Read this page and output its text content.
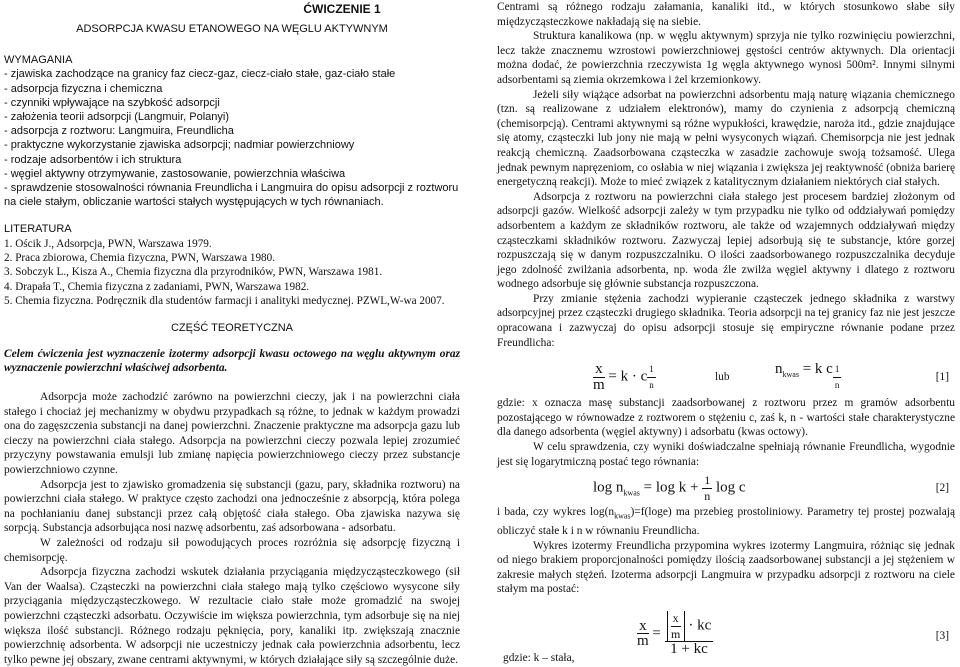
ĆWICZENIE 1
ADSORPCJA KWASU ETANOWEGO NA WĘGLU AKTYWNYM
WYMAGANIA
- zjawiska zachodzące na granicy faz ciecz-gaz, ciecz-ciało stałe, gaz-ciało stałe
- adsorpcja fizyczna i chemiczna
- czynniki wpływające na szybkość adsorpcji
- założenia teorii adsorpcji (Langmuir, Polanyi)
- adsorpcja z roztworu: Langmuira, Freundlicha
- praktyczne wykorzystanie zjawiska adsorpcji; nadmiar powierzchniowy
- rodzaje adsorbentów i ich struktura
- węgiel aktywny otrzymywanie, zastosowanie, powierzchnia właściwa
- sprawdzenie stosowalności równania Freundlicha i Langmuira do opisu adsorpcji z roztworu na ciele stałym, obliczanie wartości stałych występujących w tych równaniach.
LITERATURA
1. Ościk J., Adsorpcja, PWN, Warszawa 1979.
2. Praca zbiorowa, Chemia fizyczna, PWN, Warszawa 1980.
3. Sobczyk L., Kisza A., Chemia fizyczna dla przyrodników, PWN, Warszawa 1981.
4. Drapała T., Chemia fizyczna z zadaniami, PWN, Warszawa 1982.
5. Chemia fizyczna. Podręcznik dla studentów farmacji i analityki medycznej. PZWL,W-wa 2007.
CZĘŚĆ TEORETYCZNA

Celem ćwiczenia jest wyznaczenie izotermy adsorpcji kwasu octowego na węglu aktywnym oraz wyznaczenie powierzchni właściwej adsorbenta.

Adsorpcja może zachodzić zarówno na powierzchni cieczy, jak i na powierzchni ciała stałego i chociaż jej mechanizmy w obydwu przypadkach są różne, to jednak w każdym prowadzi ona do zagęszczenia substancji na danej powierzchni. Znaczenie praktyczne ma adsorpcja gazu lub cieczy na powierzchni ciała stałego. Adsorpcja na powierzchni cieczy pozwala lepiej zrozumieć przyczyny powstawania emulsji lub zmianę napięcia powierzchniowego cieczy przez substancje powierzchniowo czynne.

Adsorpcja jest to zjawisko gromadzenia się substancji (gazu, pary, składnika roztworu) na powierzchni ciała stałego. W praktyce często zachodzi ona jednocześnie z absorpcją, która polega na pochłanianiu danej substancji przez całą objętość ciała stałego. Oba zjawiska nazywa się sorpcją. Substancja adsorbująca nosi nazwę adsorbentu, zaś adsorbowana - adsorbatu.

W zależności od rodzaju sił powodujących proces rozróżnia się adsorpcję fizyczną i chemisorpcję.

Adsorpcja fizyczna zachodzi wskutek działania przyciągania międzycząsteczkowego (sił Van der Waalsa). Cząsteczki na powierzchni ciała stałego mają tylko częściowo wysycone siły przyciągania międzycząsteczkowego. W rezultacie ciało stałe może gromadzić na swojej powierzchni cząsteczki adsorbatu. Oczywiście im większa powierzchnia, tym adsorbuje się na niej większa ilość substancji. Różnego rodzaju pęknięcia, pory, kanaliki itp. zwiększają znacznie powierzchnię adsorbenta. W adsorpcji nie uczestniczy jednak cała powierzchnia adsorbentu, lecz tylko pewne jej obszary, zwane centrami aktywnymi, w których działające siły są szczególnie duże.

Centrami są różnego rodzaju załamania, kanaliki itd., w których stosunkowo słabe siły międzycząsteczkowe nakładają się na siebie.

Struktura kanalikowa (np. w węglu aktywnym) sprzyja nie tylko rozwinięciu powierzchni, lecz także znacznemu wzrostowi powierzchniowej gęstości centrów aktywnych. Dla orientacji można dodać, że powierzchnia rzeczywista 1g węgla aktywnego wynosi 500m². Innymi silnymi adsorbentami są ziemia okrzemkowa i żel krzemionkowy.

Jeżeli siły wiążące adsorbat na powierzchni adsorbentu mają naturę wiązania chemicznego (tzn. są realizowane z udziałem elektronów), mamy do czynienia z adsorpcją chemiczną (chemisorpcją). Centrami aktywnymi są różne wypukłości, krawędzie, naroża itd., gdzie znajdujące się atomy, cząsteczki lub jony nie mają w pełni wysyconych wiązań. Chemisorpcja nie jest jednak reakcją chemiczną. Zaadsorbowana cząsteczka w zasadzie zachowuje swoją tożsamość. Ulega jednak pewnym napręzeniom, co osłabia w niej wiązania i zwiększa jej reaktywność (obniża barierę energetyczną reakcji). Może to mieć związek z katalitycznym działaniem niektórych ciał stałych.

Adsorpcja z roztworu na powierzchni ciała stałego jest procesem bardziej złożonym od adsorpcji gazów. Wielkość adsorpcji zależy w tym przypadku nie tylko od oddziaływań pomiędzy adsorbentem a każdym ze składników roztworu, ale także od wzajemnych oddziaływań między cząsteczkami składników roztworu. Zazwyczaj lepiej adsorbują się te substancje, które gorzej rozpuszczają się w danym rozpuszczalniku. O ilości zaadsorbowanego rozpuszczalnika decyduje jego zdolność zwilżania adsorbenta, np. woda źle zwilża węgiel aktywny i dlatego z roztworu wodnego adsorbuje się głównie substancja rozpuszczona.

Przy zmianie stężenia zachodzi wypieranie cząsteczek jednego składnika z warstwy adsorpcyjnej przez cząsteczki drugiego składnika. Teoria adsorpcji na tej granicy faz nie jest jeszcze opracowana i zazwyczaj do opisu adsorpcji stosuje się empiryczne równanie podane przez Freundlicha:

$\frac{x}{m} = k \cdot c$ $^{\frac{1}{n}}$	lub	$n_{kwas} = k$ c $^{\frac{1}{n}}$	[1]

gdzie: x oznacza masę substancji zaadsorbowanej z roztworu przez m gramów adsorbentu pozostającego w równowadze z roztworem o stężeniu c, zaś k, n - wartości stałe charakterystyczne dla danego adsorbenta (węgiel aktywny) i adsorbatu (kwas octowy).

W celu sprawdzenia, czy wyniki doświadczalne spełniają równanie Freundlicha, wygodnie jest się logarytmiczną postać tego równania:

$\log n_{kwas} = \log k + \frac{1}{n}$ log c	[2]

i bada, czy wykres $\log(n_{kwas})=f(\log e)$ ma przebieg prostoliniowy. Parametry tej prostej pozwalają obliczyć stałe k i n w równaniu Freundlicha.

Wykres izotermy Freundlicha przypomina wykres izotermy Langmuira, różniąc się jednak od niego brakiem proporcjonalności pomiędzy ilością zaadsorbowanej substancji a jej stężeniem w zakresie małych stężeń. Izoterma adsorpcji Langmuira w przypadku adsorpcji z roztworu na ciele stałym ma postać:

$\frac{x}{m} = \frac{\frac{x}{m} \cdot kc}{1 + kc}$
gdzie: k – stała,
[3]
